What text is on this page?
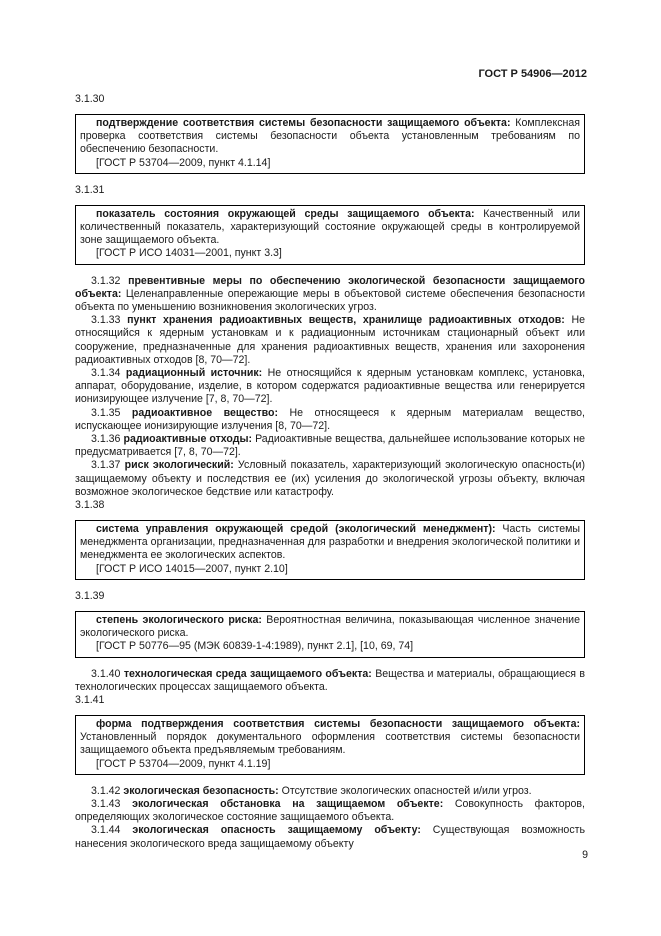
ГОСТ Р 54906—2012
3.1.30

подтверждение соответствия системы безопасности защищаемого объекта: Комплексная проверка соответствия системы безопасности объекта установленным требованиям по обеспечению безопасности.

[ГОСТ Р 53704—2009, пункт 4.1.14]

3.1.31

показатель состояния окружающей среды защищаемого объекта: Качественный или количественный показатель, характеризующий состояние окружающей среды в контролируемой зоне защищаемого объекта.

[ГОСТ Р ИСО 14031—2001, пункт 3.3]

3.1.32 превентивные меры по обеспечению экологической безопасности защищаемого объекта: Целенаправленные опережающие меры в объектовой системе обеспечения безопасности объекта по уменьшению возникновения экологических угроз.

3.1.33 пункт хранения радиоактивных веществ, хранилище радиоактивных отходов: Не относящийся к ядерным установкам и к радиационным источникам стационарный объект или сооружение, предназначенные для хранения радиоактивных веществ, хранения или захоронения радиоактивных отходов [8, 70—72].

3.1.34 радиационный источник: Не относящийся к ядерным установкам комплекс, установка, аппарат, оборудование, изделие, в котором содержатся радиоактивные вещества или генерируется ионизирующее излучение [7, 8, 70—72].

3.1.35 радиоактивное вещество: Не относящееся к ядерным материалам вещество, испускающее ионизирующие излучения [8, 70—72].

3.1.36 радиоактивные отходы: Радиоактивные вещества, дальнейшее использование которых не предусматривается [7, 8, 70—72].

3.1.37 риск экологический: Условный показатель, характеризующий экологическую опасность(и) защищаемому объекту и последствия ее (их) усиления до экологической угрозы объекту, включая возможное экологическое бедствие или катастрофу.

3.1.38

система управления окружающей средой (экологический менеджмент): Часть системы менеджмента организации, предназначенная для разработки и внедрения экологической политики и менеджмента ее экологических аспектов.

[ГОСТ Р ИСО 14015—2007, пункт 2.10]

3.1.39

степень экологического риска: Вероятностная величина, показывающая численное значение экологического риска.

[ГОСТ Р 50776—95 (МЭК 60839-1-4:1989), пункт 2.1], [10, 69, 74]

3.1.40 технологическая среда защищаемого объекта: Вещества и материалы, обращающиеся в технологических процессах защищаемого объекта.

3.1.41

форма подтверждения соответствия системы безопасности защищаемого объекта: Установленный порядок документального оформления соответствия системы безопасности защищаемого объекта предъявляемым требованиям.

[ГОСТ Р 53704—2009, пункт 4.1.19]

3.1.42 экологическая безопасность: Отсутствие экологических опасностей и/или угроз.

3.1.43 экологическая обстановка на защищаемом объекте: Совокупность факторов, определяющих экологическое состояние защищаемого объекта.

3.1.44 экологическая опасность защищаемому объекту: Существующая возможность нанесения экологического вреда защищаемому объекту

9
